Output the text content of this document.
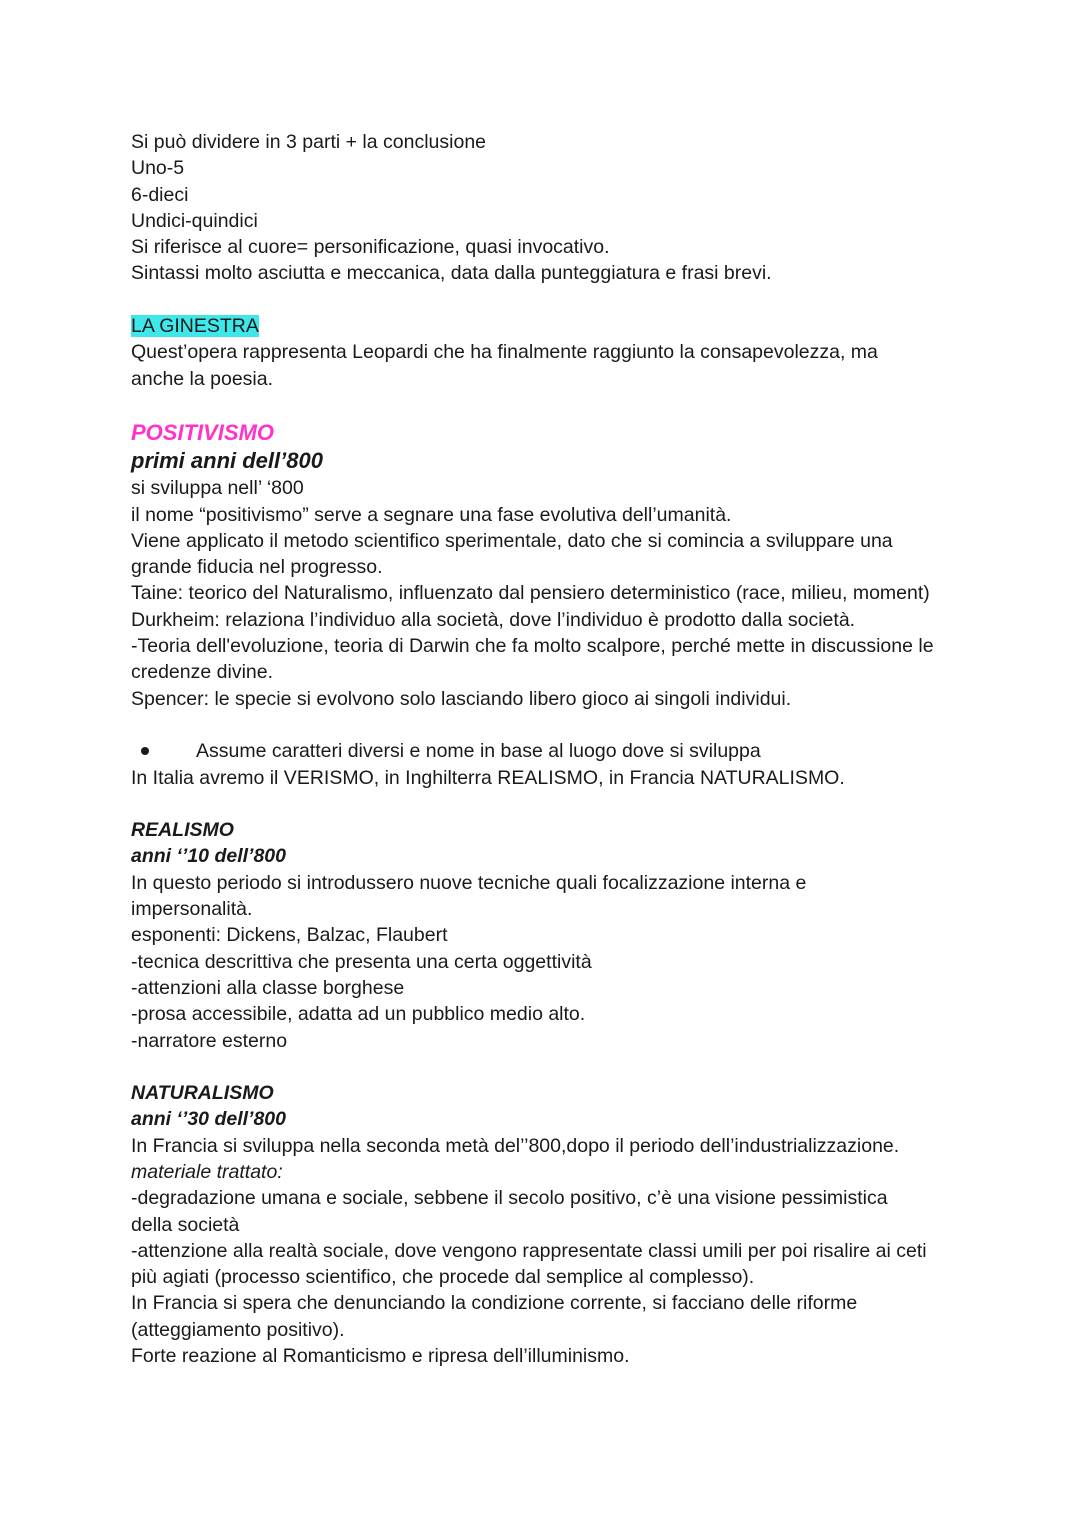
Si può dividere in 3 parti + la conclusione

Uno-5

6-dieci

Undici-quindici

Si riferisce al cuore= personificazione, quasi invocativo.

Sintassi molto asciutta e meccanica, data dalla punteggiatura e frasi brevi.

LA GINESTRA

Quest’opera rappresenta Leopardi che ha finalmente raggiunto la consapevolezza, ma anche la poesia.

POSITIVISMO

primi anni dell’800

si sviluppa nell’ ‘800

il nome “positivismo” serve a segnare una fase evolutiva dell’umanità.

Viene applicato il metodo scientifico sperimentale, dato che si comincia a sviluppare una grande fiducia nel progresso.

Taine: teorico del Naturalismo, influenzato dal pensiero deterministico (race, milieu, moment)

Durkheim: relaziona l’individuo alla società, dove l’individuo è prodotto dalla società.

-Teoria dell'evoluzione, teoria di Darwin che fa molto scalpore, perché mette in discussione le credenze divine.

Spencer: le specie si evolvono solo lasciando libero gioco ai singoli individui.

Assume caratteri diversi e nome in base al luogo dove si sviluppa

In Italia avremo il VERISMO, in Inghilterra REALISMO, in Francia NATURALISMO.

REALISMO

anni ‘’10 dell’800

In questo periodo si introdussero nuove tecniche quali focalizzazione interna e impersonalità.

esponenti: Dickens, Balzac, Flaubert

-tecnica descrittiva che presenta una certa oggettività

-attenzioni alla classe borghese

-prosa accessibile, adatta ad un pubblico medio alto.

-narratore esterno

NATURALISMO

anni ‘’30 dell’800

In Francia si sviluppa nella seconda metà del’’800,dopo il periodo dell’industrializzazione.

materiale trattato:

-degradazione umana e sociale, sebbene il secolo positivo, c’è una visione pessimistica della società

-attenzione alla realtà sociale, dove vengono rappresentate classi umili per poi risalire ai ceti più agiati (processo scientifico, che procede dal semplice al complesso).

In Francia si spera che denunciando la condizione corrente, si facciano delle riforme (atteggiamento positivo).

Forte reazione al Romanticismo e ripresa dell’illuminismo.
